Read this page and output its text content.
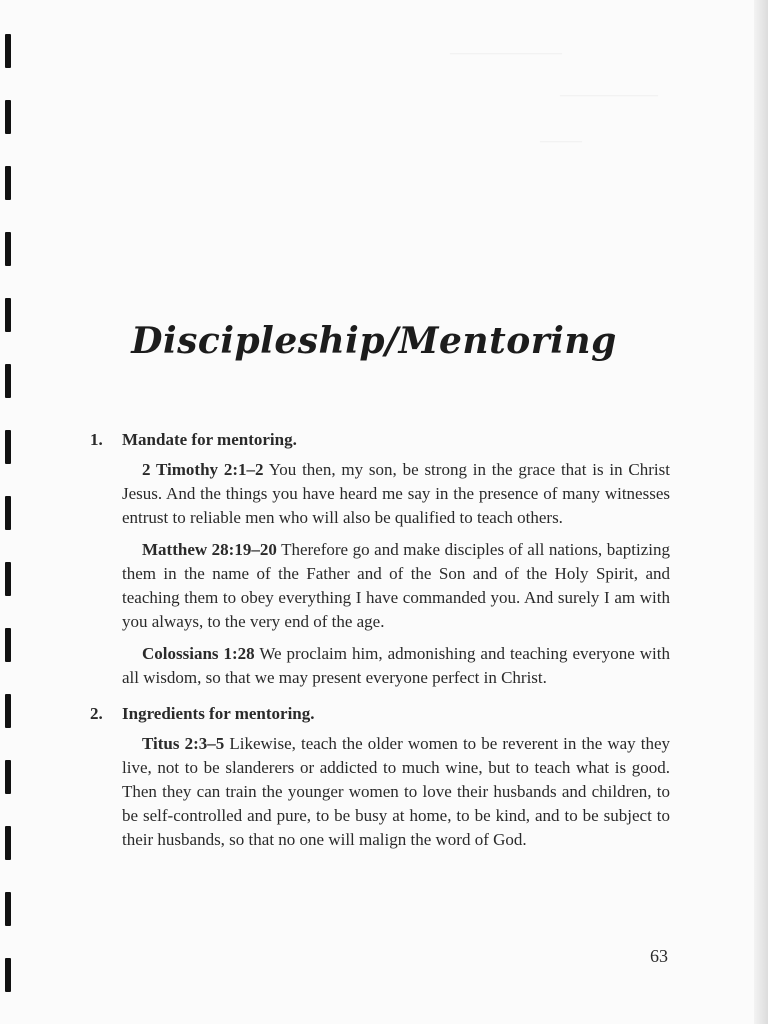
————————
———————
———
Discipleship/Mentoring
1. Mandate for mentoring.

2 Timothy 2:1–2 You then, my son, be strong in the grace that is in Christ Jesus. And the things you have heard me say in the presence of many witnesses entrust to reliable men who will also be qualified to teach others.

Matthew 28:19–20 Therefore go and make disciples of all nations, baptizing them in the name of the Father and of the Son and of the Holy Spirit, and teaching them to obey everything I have commanded you. And surely I am with you always, to the very end of the age.

Colossians 1:28 We proclaim him, admonishing and teaching everyone with all wisdom, so that we may present everyone perfect in Christ.

2. Ingredients for mentoring.

Titus 2:3–5 Likewise, teach the older women to be reverent in the way they live, not to be slanderers or addicted to much wine, but to teach what is good. Then they can train the younger women to love their husbands and children, to be self-controlled and pure, to be busy at home, to be kind, and to be subject to their husbands, so that no one will malign the word of God.

63
